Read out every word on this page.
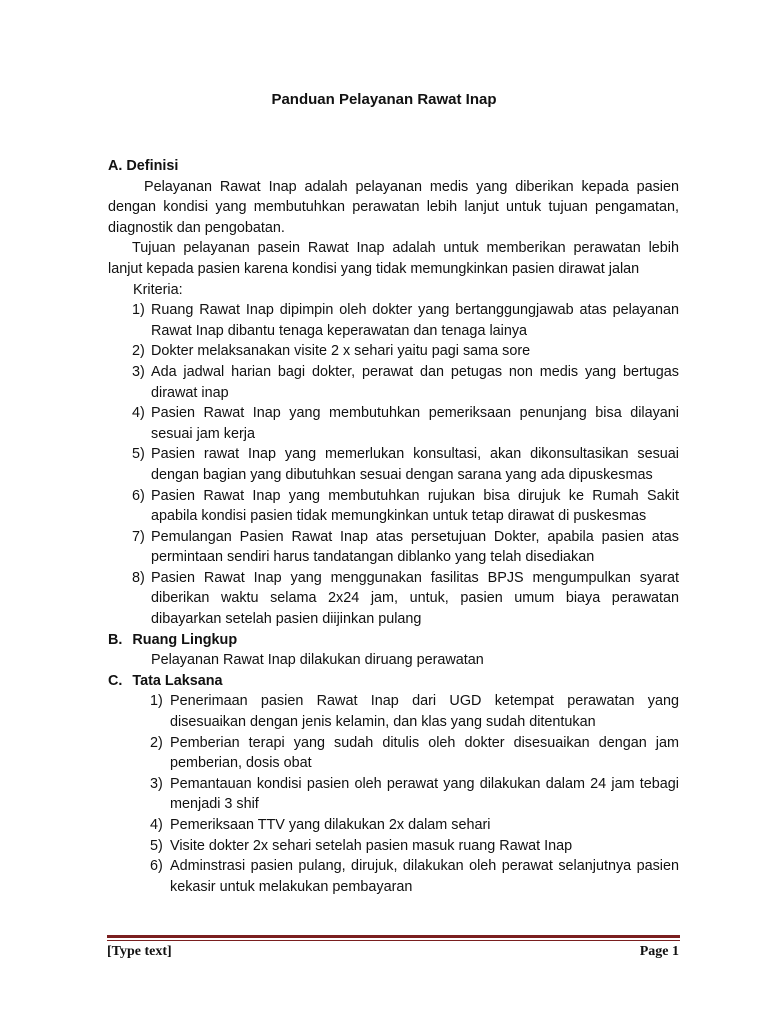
Panduan Pelayanan Rawat Inap

A. Definisi

Pelayanan Rawat Inap adalah pelayanan medis yang diberikan kepada pasien dengan kondisi yang membutuhkan perawatan lebih lanjut untuk tujuan pengamatan, diagnostik dan pengobatan.

Tujuan pelayanan pasein Rawat Inap adalah untuk memberikan perawatan lebih lanjut kepada pasien karena kondisi yang tidak memungkinkan pasien dirawat jalan

Kriteria:

1) Ruang Rawat Inap dipimpin oleh dokter yang bertanggungjawab atas pelayanan Rawat Inap dibantu tenaga keperawatan dan tenaga lainya
2) Dokter melaksanakan visite 2 x sehari yaitu pagi sama sore
3) Ada jadwal harian bagi dokter, perawat dan petugas non medis yang bertugas dirawat inap
4) Pasien Rawat Inap yang membutuhkan pemeriksaan penunjang bisa dilayani sesuai jam kerja
5) Pasien rawat Inap yang memerlukan konsultasi, akan dikonsultasikan sesuai dengan bagian yang dibutuhkan sesuai dengan sarana yang ada dipuskesmas
6) Pasien Rawat Inap yang membutuhkan rujukan bisa dirujuk ke Rumah Sakit apabila kondisi pasien tidak memungkinkan untuk tetap dirawat di puskesmas
7) Pemulangan Pasien Rawat Inap atas persetujuan Dokter, apabila pasien atas permintaan sendiri harus tandatangan diblanko yang telah disediakan
8) Pasien Rawat Inap yang menggunakan fasilitas BPJS mengumpulkan syarat diberikan waktu selama 2x24 jam, untuk, pasien umum biaya perawatan dibayarkan setelah pasien diijinkan pulang

B. Ruang Lingkup

Pelayanan Rawat Inap dilakukan diruang perawatan

C. Tata Laksana

1) Penerimaan pasien Rawat Inap dari UGD ketempat perawatan yang disesuaikan dengan jenis kelamin, dan klas yang sudah ditentukan
2) Pemberian terapi yang sudah ditulis oleh dokter disesuaikan dengan jam pemberian, dosis obat
3) Pemantauan kondisi pasien oleh perawat yang dilakukan dalam 24 jam tebagi menjadi 3 shif
4) Pemeriksaan TTV yang dilakukan 2x dalam sehari
5) Visite dokter 2x sehari setelah pasien masuk ruang Rawat Inap
6) Adminstrasi pasien pulang, dirujuk, dilakukan oleh perawat selanjutnya pasien kekasir untuk melakukan pembayaran
[Type text]	Page 1
